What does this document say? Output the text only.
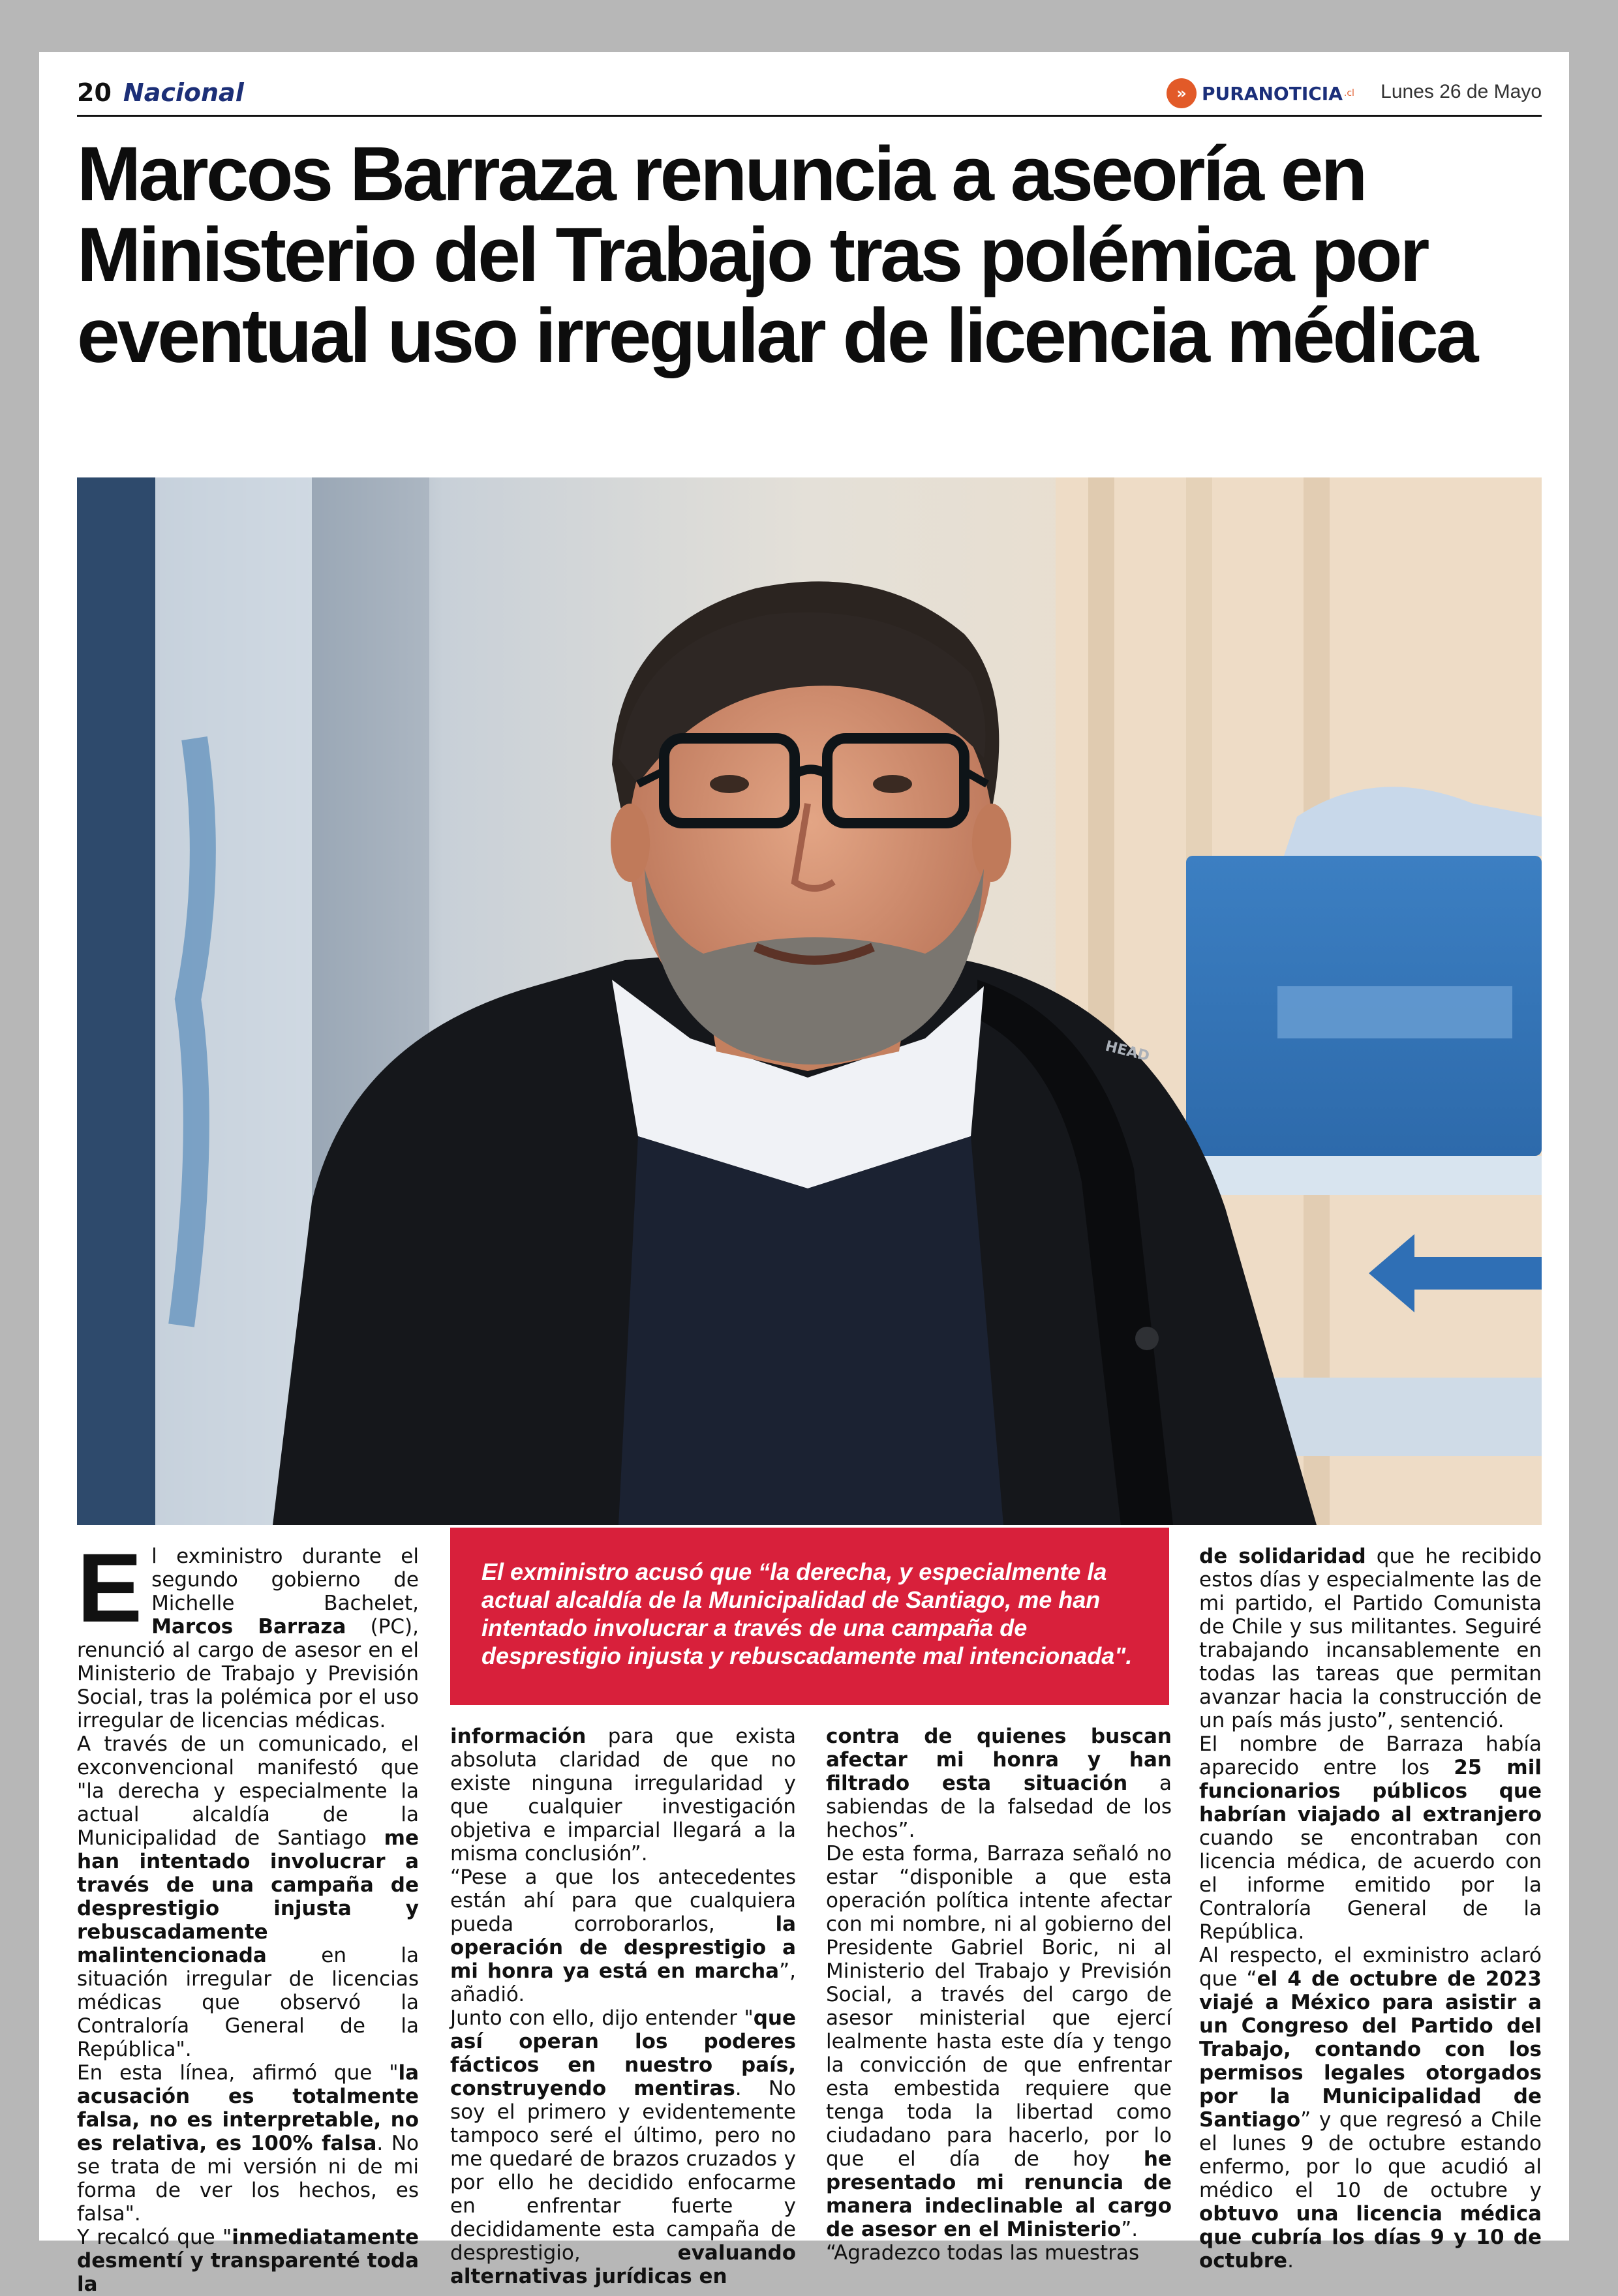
20 Nacional	» PURANOTICIA .cl Lunes 26 de Mayo
Marcos Barraza renuncia a aseoría en Ministerio del Trabajo tras polémica por eventual uso irregular de licencia médica
HEAD
El exministro acusó que “la derecha, y especialmente la actual alcaldía de la Municipalidad de Santiago, me han intentado involucrar a través de una campaña de desprestigio injusta y rebuscadamente mal intencionada".
E l exministro durante el segundo gobierno de Michelle Bachelet, Marcos Barraza (PC), renunció al cargo de asesor en el Ministerio de Trabajo y Previsión Social, tras la polémica por el uso irregular de licencias médicas.

A través de un comunicado, el exconvencional manifestó que "la derecha y especialmente la actual alcaldía de la Municipalidad de Santiago me han intentado involucrar a través de una campaña de desprestigio injusta y rebuscadamente malintencionada en la situación irregular de licencias médicas que observó la Contraloría General de la República".

En esta línea, afirmó que "la acusación es totalmente falsa, no es interpretable, no es relativa, es 100% falsa. No se trata de mi versión ni de mi forma de ver los hechos, es falsa".

Y recalcó que "inmediatamente desmentí y transparenté toda la

información para que exista absoluta claridad de que no existe ninguna irregularidad y que cualquier investigación objetiva e imparcial llegará a la misma conclusión”.

“Pese a que los antecedentes están ahí para que cualquiera pueda corroborarlos, la operación de desprestigio a mi honra ya está en marcha”, añadió.

Junto con ello, dijo entender "que así operan los poderes fácticos en nuestro país, construyendo mentiras. No soy el primero y evidentemente tampoco seré el último, pero no me quedaré de brazos cruzados y por ello he decidido enfocarme en enfrentar fuerte y decididamente esta campaña de desprestigio, evaluando alternativas jurídicas en

contra de quienes buscan afectar mi honra y han filtrado esta situación a sabiendas de la falsedad de los hechos”.

De esta forma, Barraza señaló no estar “disponible a que esta operación política intente afectar con mi nombre, ni al gobierno del Presidente Gabriel Boric, ni al Ministerio del Trabajo y Previsión Social, a través del cargo de asesor ministerial que ejercí lealmente hasta este día y tengo la convicción de que enfrentar esta embestida requiere que tenga toda la libertad como ciudadano para hacerlo, por lo que el día de hoy he presentado mi renuncia de manera indeclinable al cargo de asesor en el Ministerio”.

“Agradezco todas las muestras

de solidaridad que he recibido estos días y especialmente las de mi partido, el Partido Comunista de Chile y sus militantes. Seguiré trabajando incansablemente en todas las tareas que permitan avanzar hacia la construcción de un país más justo”, sentenció.

El nombre de Barraza había aparecido entre los 25 mil funcionarios públicos que habrían viajado al extranjero cuando se encontraban con licencia médica, de acuerdo con el informe emitido por la Contraloría General de la República.

Al respecto, el exministro aclaró que “el 4 de octubre de 2023 viajé a México para asistir a un Congreso del Partido del Trabajo, contando con los permisos legales otorgados por la Municipalidad de Santiago” y que regresó a Chile el lunes 9 de octubre estando enfermo, por lo que acudió al médico el 10 de octubre y obtuvo una licencia médica que cubría los días 9 y 10 de octubre.
